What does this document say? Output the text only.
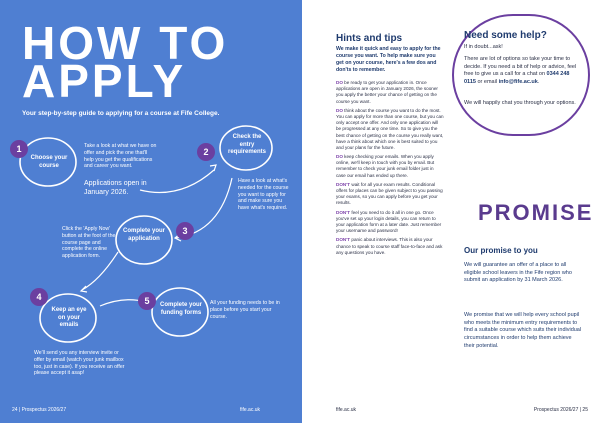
HOW TO
APPLY
Your step-by-step guide to applying for a course at Fife College.
1
Choose your course
Take a look at what we have on offer and pick the one that'll help you get the qualifications and career you want.
Applications open in January 2026.
2
Check the entry requirements
Have a look at what's needed for the course you want to apply for and make sure you have what's required.
3
Complete your application
Click the 'Apply Now' button at the foot of the course page and complete the online application form.
4
Keep an eye on your emails
We'll send you any interview invite or offer by email (watch your junk mailbox too, just in case). If you receive an offer please accept it asap!
5	Complete your funding forms
All your funding needs to be in place before you start your course.
24 | Prospectus 2026/27	fife.ac.uk
Hints and tips
We make it quick and easy to apply for the course you want. To help make sure you get on your course, here's a few dos and don'ts to remember.

DO be ready to get your application in. Once applications are open in January 2026, the sooner you apply the better your chance of getting on the course you want.

DO think about the course you want to do the most. You can apply for more than one course, but you can only accept one offer. And only one application will be progressed at any one time. So to give you the best chance of getting on the course you really want, have a think about which one is best suited to you and your plans for the future.

DO keep checking your emails. When you apply online, we'll keep in touch with you by email. But remember to check your junk email folder just in case our email has ended up there.

DON'T wait for all your exam results. Conditional offers for places can be given subject to you passing your exams, so you can apply before you get your results.

DON'T feel you need to do it all in one go. Once you've set up your login details, you can return to your application form at a later date. Just remember your username and password!

DON'T panic about interviews. This is also your chance to speak to course staff face-to-face and ask any questions you have.

Need some help?
If in doubt...ask!
There are lot of options so take your time to decide. If you need a bit of help or advice, feel free to give us a call for a chat on 0344 248 0115 or email info@fife.ac.uk.
We will happily chat you through your options.
PROMISE
Our promise to you
We will guarantee an offer of a place to all eligible school leavers in the Fife region who submit an application by 31 March 2026.
We promise that we will help every school pupil who meets the minimum entry requirements to find a suitable course which suits their individual circumstances in order to help them achieve their potential.
fife.ac.uk	Prospectus 2026/27 | 25
